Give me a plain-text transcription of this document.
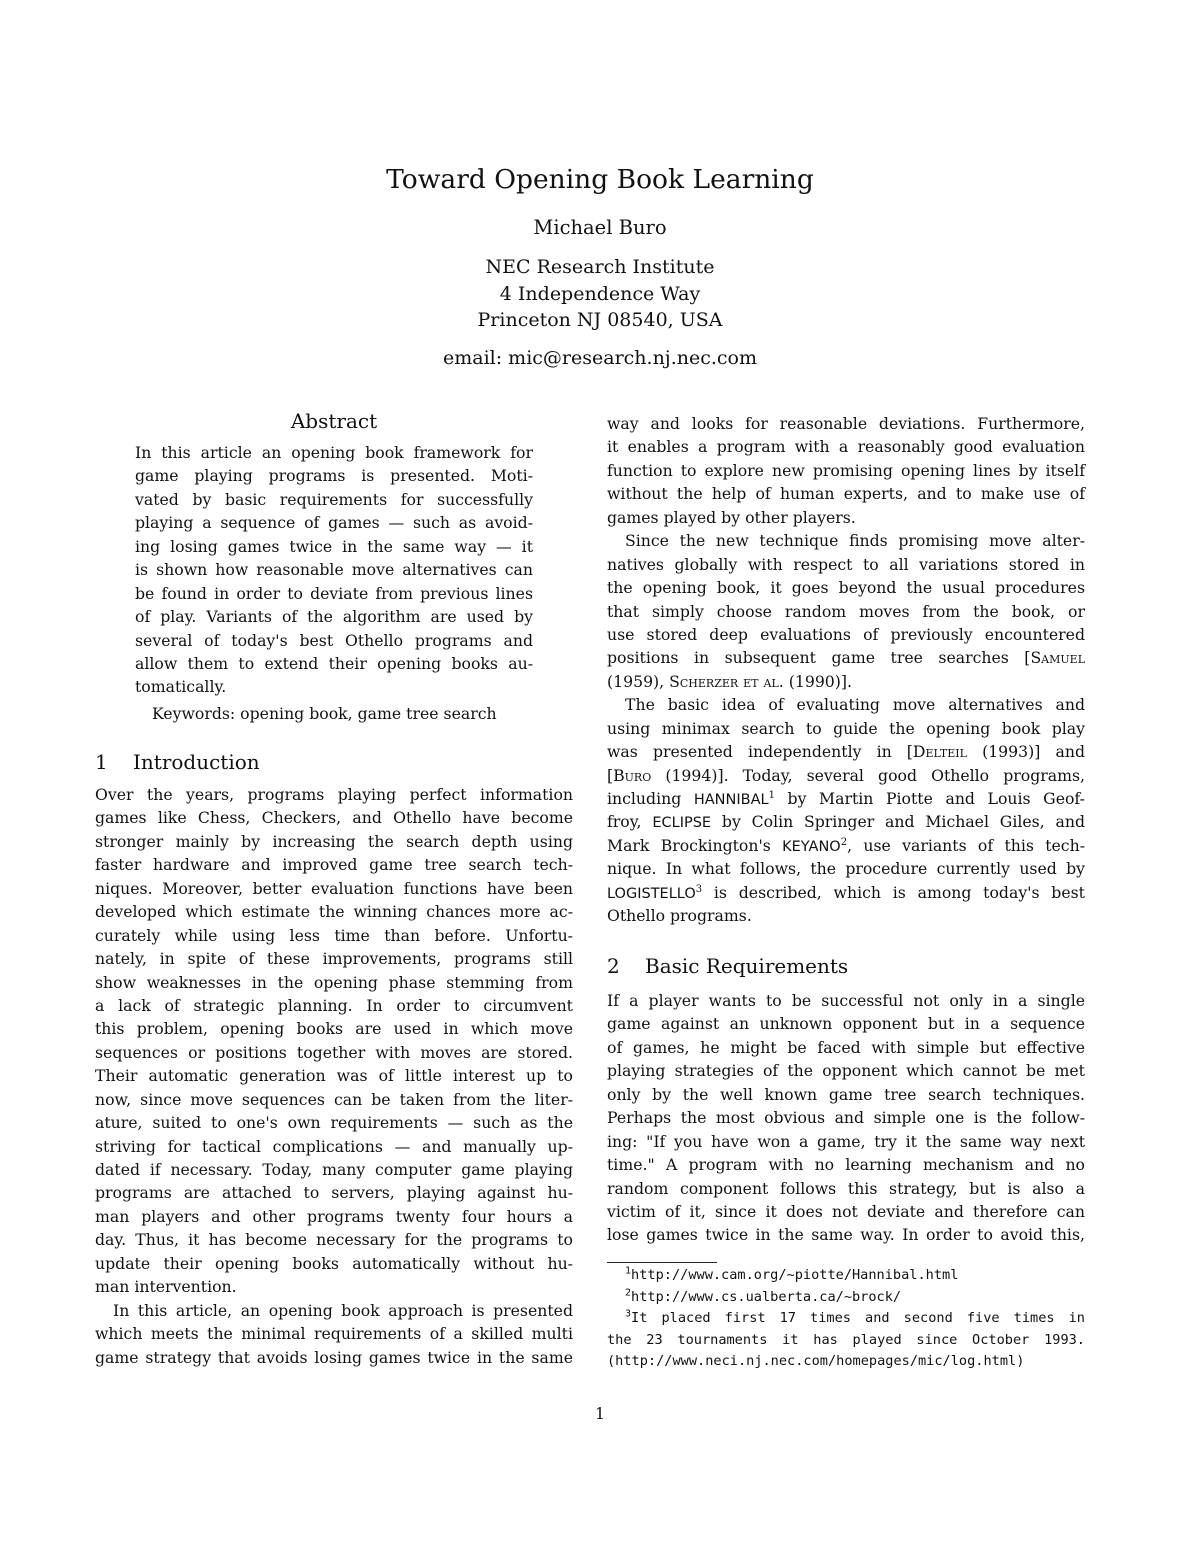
Toward Opening Book Learning
Michael Buro
NEC Research Institute
4 Independence Way
Princeton NJ 08540, USA
email: mic@research.nj.nec.com
Abstract
In this article an opening book framework for
game playing programs is presented. Moti-
vated by basic requirements for successfully
playing a sequence of games — such as avoid-
ing losing games twice in the same way — it
is shown how reasonable move alternatives can
be found in order to deviate from previous lines
of play. Variants of the algorithm are used by
several of today's best Othello programs and
allow them to extend their opening books au-
tomatically.
Keywords: opening book, game tree search
1 Introduction
Over the years, programs playing perfect information
games like Chess, Checkers, and Othello have become
stronger mainly by increasing the search depth using
faster hardware and improved game tree search tech-
niques. Moreover, better evaluation functions have been
developed which estimate the winning chances more ac-
curately while using less time than before. Unfortu-
nately, in spite of these improvements, programs still
show weaknesses in the opening phase stemming from
a lack of strategic planning. In order to circumvent
this problem, opening books are used in which move
sequences or positions together with moves are stored.
Their automatic generation was of little interest up to
now, since move sequences can be taken from the liter-
ature, suited to one's own requirements — such as the
striving for tactical complications — and manually up-
dated if necessary. Today, many computer game playing
programs are attached to servers, playing against hu-
man players and other programs twenty four hours a
day. Thus, it has become necessary for the programs to
update their opening books automatically without hu-
man intervention.
In this article, an opening book approach is presented
which meets the minimal requirements of a skilled multi
game strategy that avoids losing games twice in the same
way and looks for reasonable deviations. Furthermore,
it enables a program with a reasonably good evaluation
function to explore new promising opening lines by itself
without the help of human experts, and to make use of
games played by other players.
Since the new technique finds promising move alter-
natives globally with respect to all variations stored in
the opening book, it goes beyond the usual procedures
that simply choose random moves from the book, or
use stored deep evaluations of previously encountered
positions in subsequent game tree searches [Samuel
(1959), Scherzer et al. (1990)].
The basic idea of evaluating move alternatives and
using minimax search to guide the opening book play
was presented independently in [Delteil (1993)] and
[Buro (1994)]. Today, several good Othello programs,
including HANNIBAL$^1$ by Martin Piotte and Louis Geof-
froy, ECLIPSE by Colin Springer and Michael Giles, and
Mark Brockington's KEYANO$^2$, use variants of this tech-
nique. In what follows, the procedure currently used by
LOGISTELLO$^3$ is described, which is among today's best
Othello programs.
2 Basic Requirements
If a player wants to be successful not only in a single
game against an unknown opponent but in a sequence
of games, he might be faced with simple but effective
playing strategies of the opponent which cannot be met
only by the well known game tree search techniques.
Perhaps the most obvious and simple one is the follow-
ing: "If you have won a game, try it the same way next
time." A program with no learning mechanism and no
random component follows this strategy, but is also a
victim of it, since it does not deviate and therefore can
lose games twice in the same way. In order to avoid this,
$^1$http://www.cam.org/~piotte/Hannibal.html
$^2$http://www.cs.ualberta.ca/~brock/
$^3$It placed first 17 times and second five times in
the 23 tournaments it has played since October 1993.
(http://www.neci.nj.nec.com/homepages/mic/log.html)
1
